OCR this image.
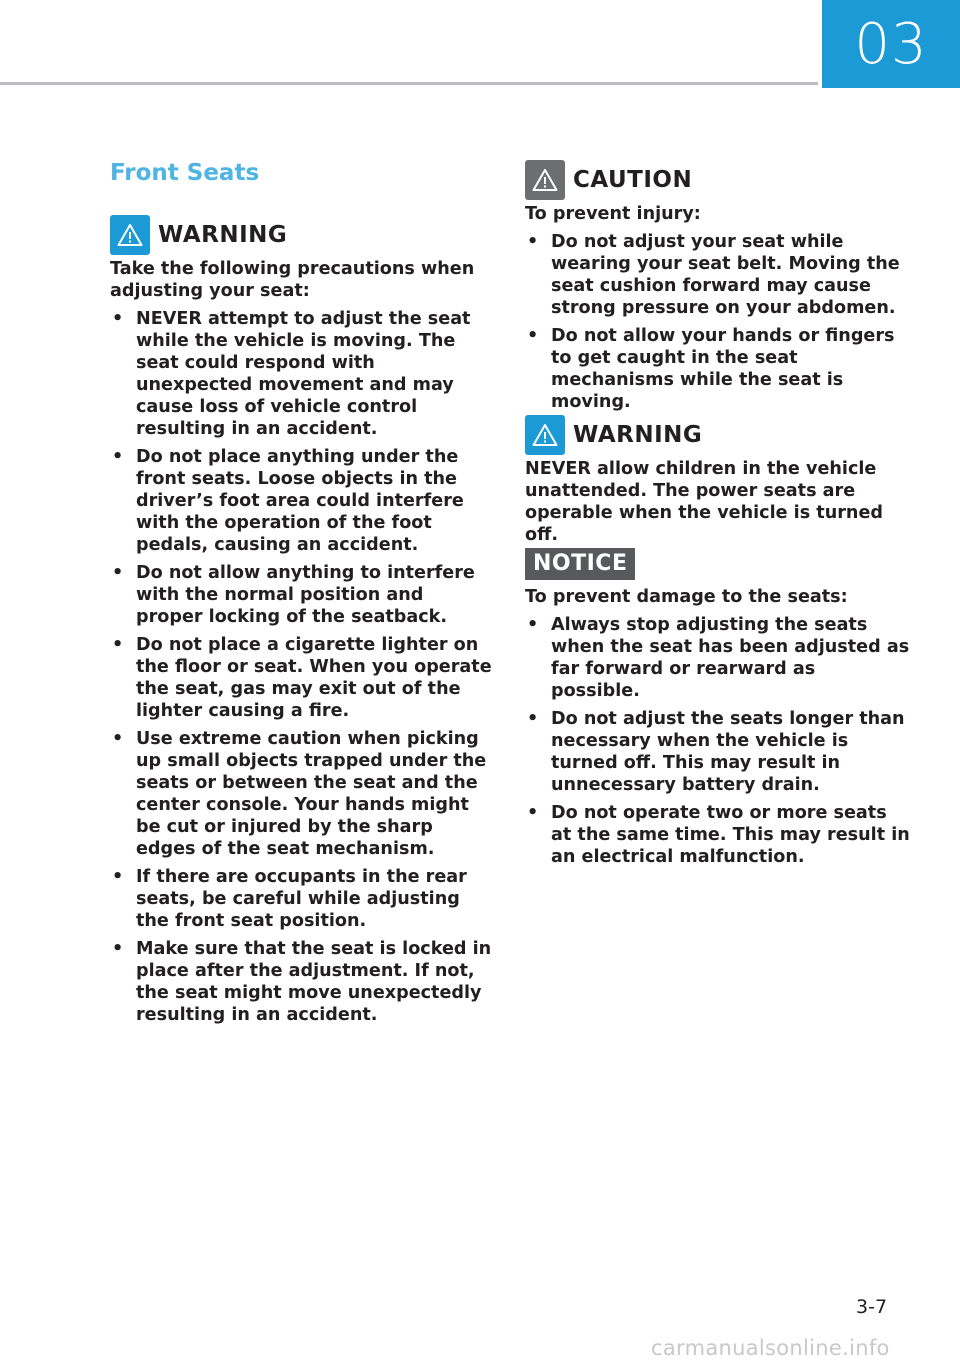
03
Front Seats
WARNING

Take the following precautions when adjusting your seat:

• NEVER attempt to adjust the seat while the vehicle is moving. The seat could respond with unexpected movement and may cause loss of vehicle control resulting in an accident.
• Do not place anything under the front seats. Loose objects in the driver’s foot area could interfere with the operation of the foot pedals, causing an accident.
• Do not allow anything to interfere with the normal position and proper locking of the seatback.
• Do not place a cigarette lighter on the floor or seat. When you operate the seat, gas may exit out of the lighter causing a fire.
• Use extreme caution when picking up small objects trapped under the seats or between the seat and the center console. Your hands might be cut or injured by the sharp edges of the seat mechanism.
• If there are occupants in the rear seats, be careful while adjusting the front seat position.
• Make sure that the seat is locked in place after the adjustment. If not, the seat might move unexpectedly resulting in an accident.
CAUTION

To prevent injury:

• Do not adjust your seat while wearing your seat belt. Moving the seat cushion forward may cause strong pressure on your abdomen.
• Do not allow your hands or fingers to get caught in the seat mechanisms while the seat is moving.
WARNING

NEVER allow children in the vehicle unattended. The power seats are operable when the vehicle is turned off.

NOTICE

To prevent damage to the seats:

• Always stop adjusting the seats when the seat has been adjusted as far forward or rearward as possible.
• Do not adjust the seats longer than necessary when the vehicle is turned off. This may result in unnecessary battery drain.
• Do not operate two or more seats at the same time. This may result in an electrical malfunction.
3-7
carmanualsonline.info
